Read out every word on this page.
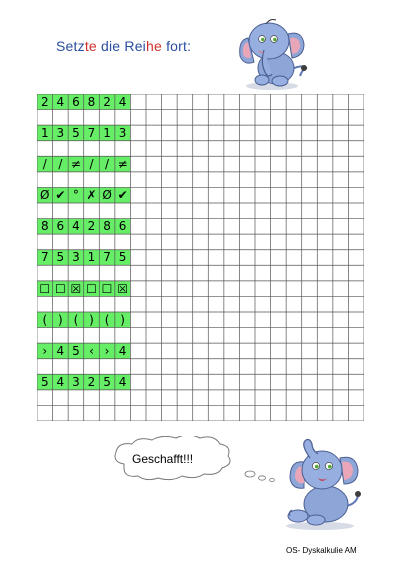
Setzte die Reihe fort:
2 4 6 8 2 4
1 3 5 7 1 3
/ / ≠ / / ≠
Ø ✔ ° ✗ Ø ✔
8 6 4 2 8 6
7 5 3 1 7 5
☐ ☐ ☒ ☐ ☐ ☒
( ) ( ) ( )
› 4 5 ‹ › 4
5 4 3 2 5 4
Geschafft!!!
OS- Dyskalkulie AM
